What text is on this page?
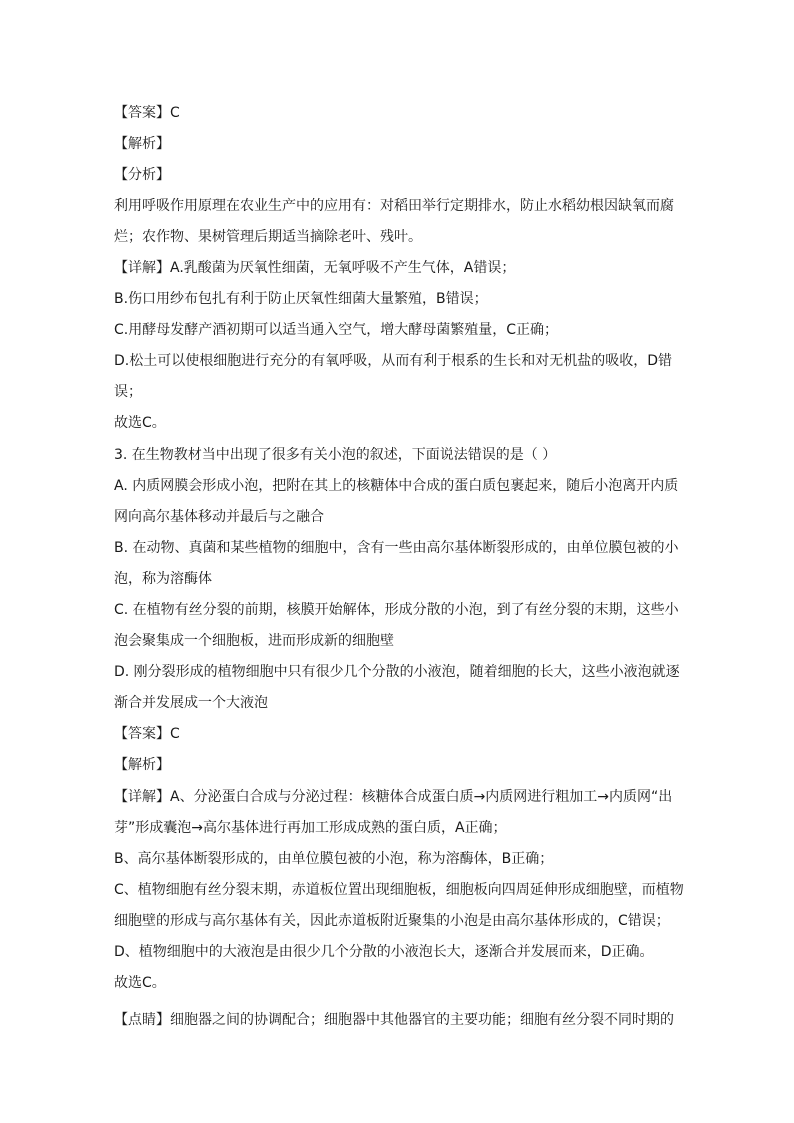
【答案】C
【解析】
【分析】
利用呼吸作用原理在农业生产中的应用有：对稻田举行定期排水，防止水稻幼根因缺氧而腐
烂；农作物、果树管理后期适当摘除老叶、残叶。
【详解】A.乳酸菌为厌氧性细菌，无氧呼吸不产生气体，A错误；
B.伤口用纱布包扎有利于防止厌氧性细菌大量繁殖，B错误；
C.用酵母发酵产酒初期可以适当通入空气，增大酵母菌繁殖量，C正确；
D.松土可以使根细胞进行充分的有氧呼吸，从而有利于根系的生长和对无机盐的吸收，D错
误；
故选C。
3. 在生物教材当中出现了很多有关小泡的叙述，下面说法错误的是（ ）
A. 内质网膜会形成小泡，把附在其上的核糖体中合成的蛋白质包裹起来，随后小泡离开内质
网向高尔基体移动并最后与之融合
B. 在动物、真菌和某些植物的细胞中，含有一些由高尔基体断裂形成的，由单位膜包被的小
泡，称为溶酶体
C. 在植物有丝分裂的前期，核膜开始解体，形成分散的小泡，到了有丝分裂的末期，这些小
泡会聚集成一个细胞板，进而形成新的细胞壁
D. 刚分裂形成的植物细胞中只有很少几个分散的小液泡，随着细胞的长大，这些小液泡就逐
渐合并发展成一个大液泡
【答案】C
【解析】
【详解】A、分泌蛋白合成与分泌过程：核糖体合成蛋白质→内质网进行粗加工→内质网“出
芽”形成囊泡→高尔基体进行再加工形成成熟的蛋白质，A正确；
B、高尔基体断裂形成的，由单位膜包被的小泡，称为溶酶体，B正确；
C、植物细胞有丝分裂末期，赤道板位置出现细胞板，细胞板向四周延伸形成细胞壁，而植物
细胞壁的形成与高尔基体有关，因此赤道板附近聚集的小泡是由高尔基体形成的，C错误；
D、植物细胞中的大液泡是由很少几个分散的小液泡长大，逐渐合并发展而来，D正确。
故选C。
【点睛】细胞器之间的协调配合；细胞器中其他器官的主要功能；细胞有丝分裂不同时期的
